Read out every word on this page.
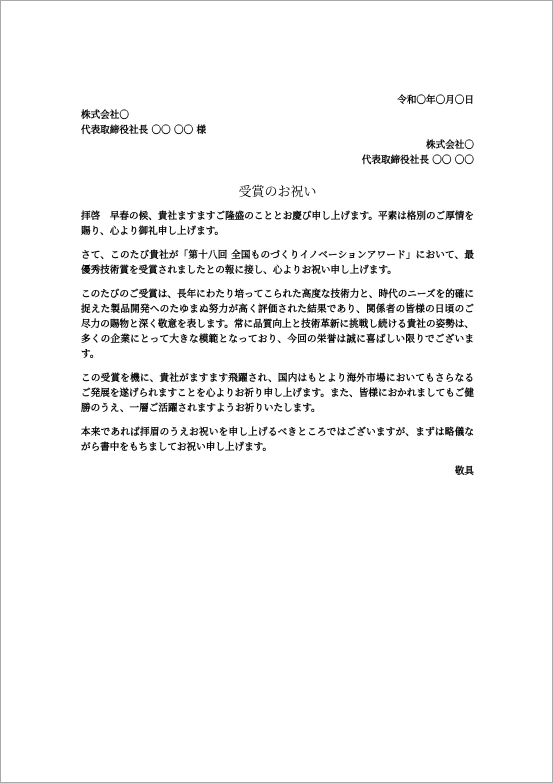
令和〇年〇月〇日
株式会社〇
代表取締役社長 〇〇 〇〇 様
株式会社〇
代表取締役社長 〇〇 〇〇
受賞のお祝い
拝啓　早春の候、貴社ますますご隆盛のこととお慶び申し上げます。平素は格別のご厚情を賜り、心より御礼申し上げます。
さて、このたび貴社が「第十八回 全国ものづくりイノベーションアワード」において、最優秀技術賞を受賞されましたとの報に接し、心よりお祝い申し上げます。
このたびのご受賞は、長年にわたり培ってこられた高度な技術力と、時代のニーズを的確に捉えた製品開発へのたゆまぬ努力が高く評価された結果であり、関係者の皆様の日頃のご尽力の賜物と深く敬意を表します。常に品質向上と技術革新に挑戦し続ける貴社の姿勢は、多くの企業にとって大きな模範となっており、今回の栄誉は誠に喜ばしい限りでございます。
この受賞を機に、貴社がますます飛躍され、国内はもとより海外市場においてもさらなるご発展を遂げられますことを心よりお祈り申し上げます。また、皆様におかれましてもご健勝のうえ、一層ご活躍されますようお祈りいたします。
本来であれば拝眉のうえお祝いを申し上げるべきところではございますが、まずは略儀ながら書中をもちましてお祝い申し上げます。
敬具
